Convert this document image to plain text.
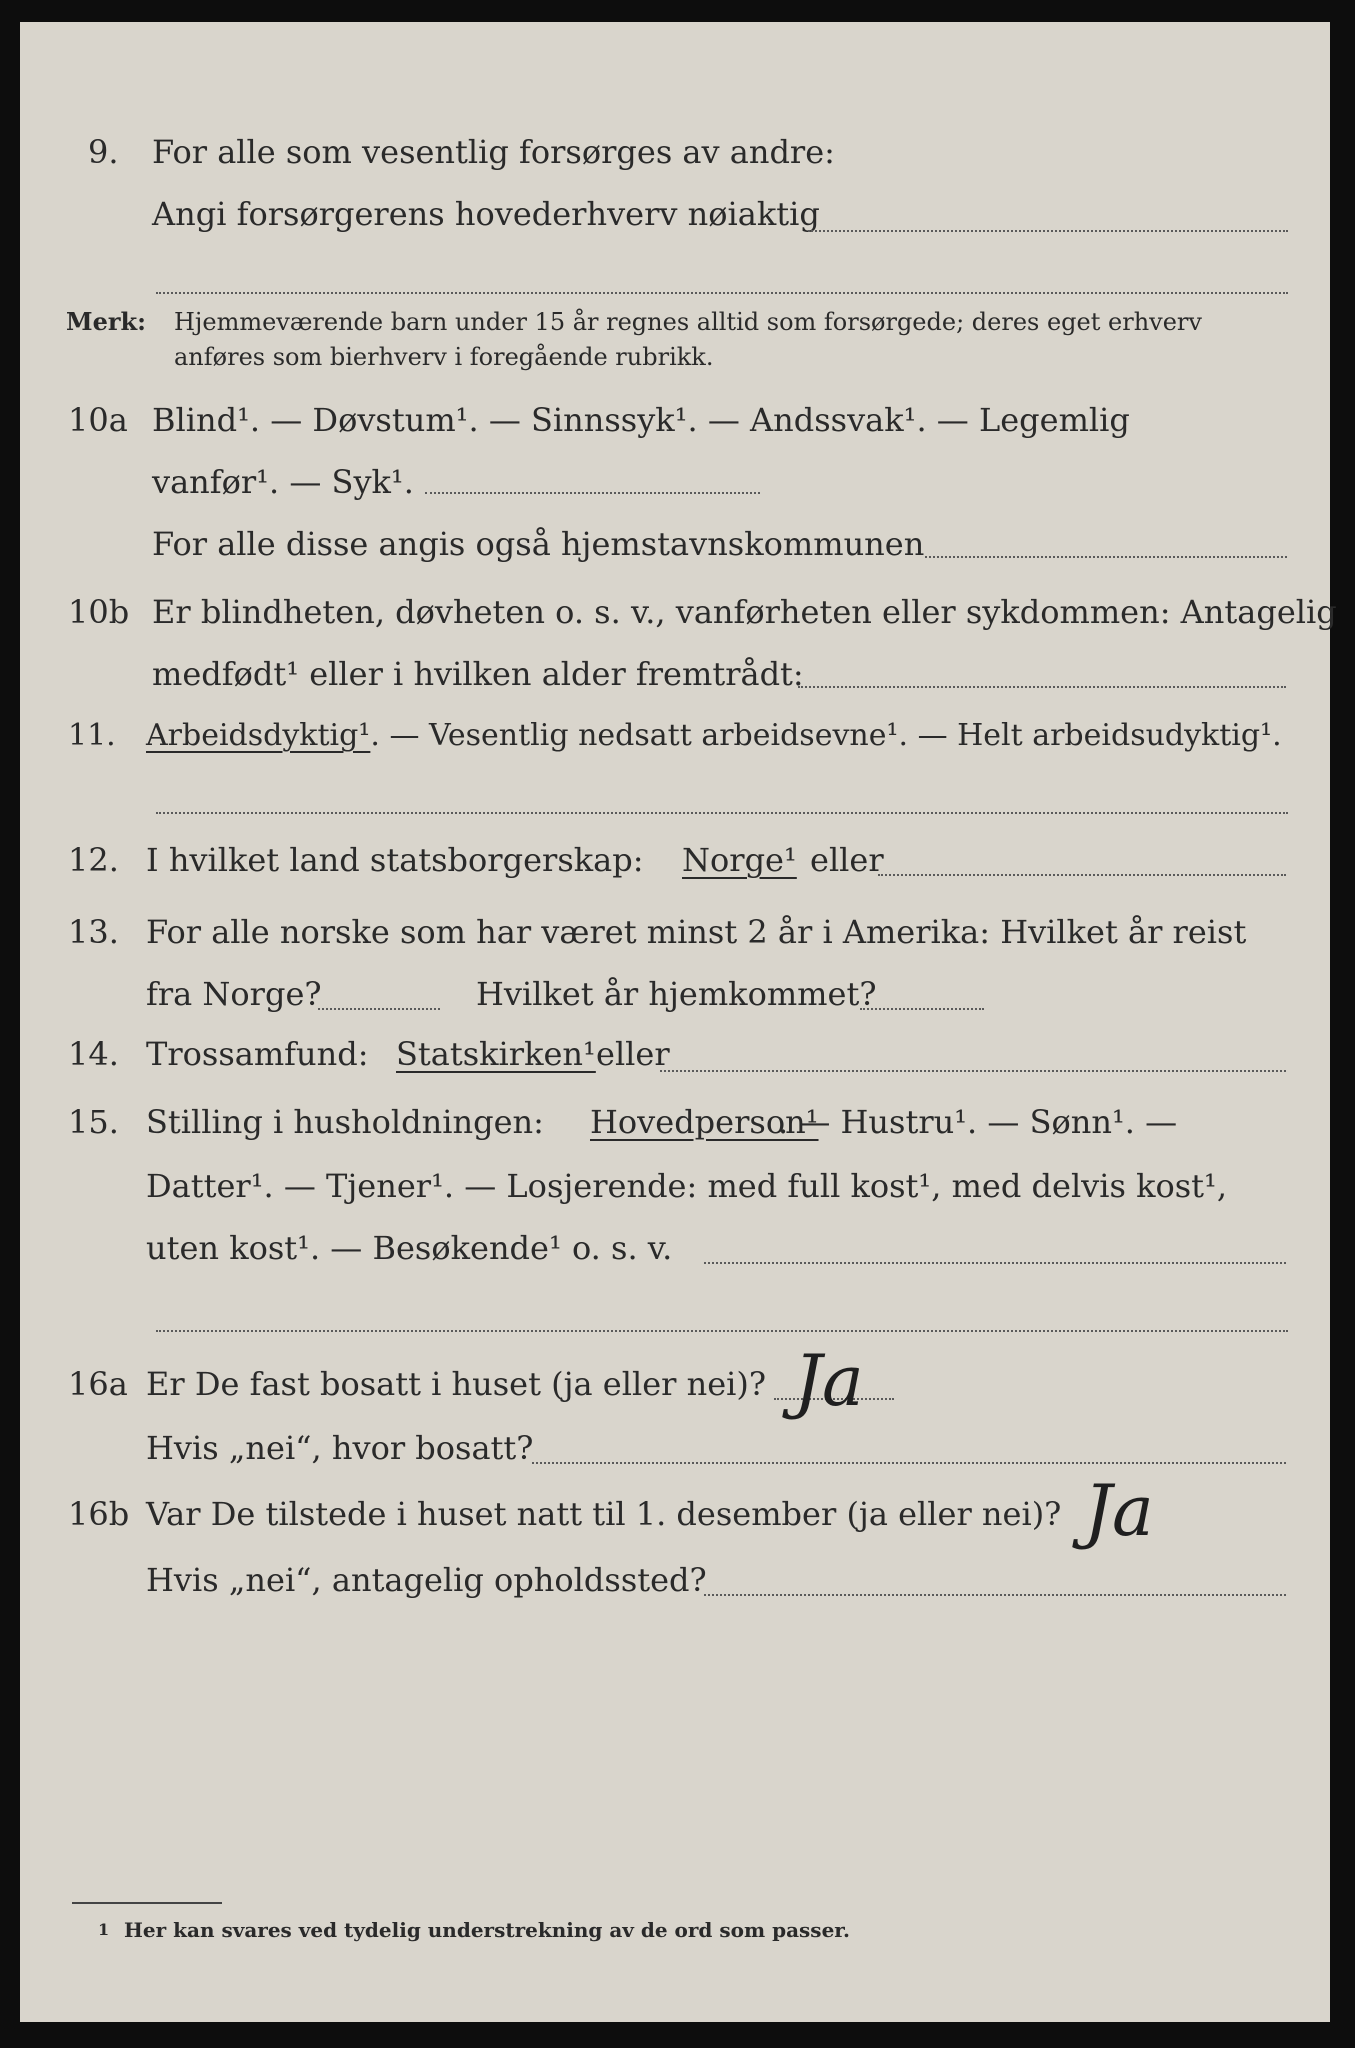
9. For alle som vesentlig forsørges av andre:
Angi forsørgerens hovederhverv nøiaktig
Merk: Hjemmeværende barn under 15 år regnes alltid som forsørgede; deres eget erhverv
anføres som bierhverv i foregående rubrikk.
10a Blind¹. — Døvstum¹. — Sinnssyk¹. — Andssvak¹. — Legemlig
vanfør¹. — Syk¹.
For alle disse angis også hjemstavnskommunen
10b Er blindheten, døvheten o. s. v., vanførheten eller sykdommen: Antagelig
medfødt¹ eller i hvilken alder fremtrådt:
11. Arbeidsdyktig¹. — Vesentlig nedsatt arbeidsevne¹. — Helt arbeidsudyktig¹.
12. I hvilket land statsborgerskap: Norge¹ eller
13. For alle norske som har været minst 2 år i Amerika: Hvilket år reist
fra Norge?	Hvilket år hjemkommet?
14. Trossamfund: Statskirken¹ eller
15. Stilling i husholdningen: Hovedperson¹
. — Hustru¹. — Sønn¹. —
Datter¹. — Tjener¹. — Losjerende: med full kost¹, med delvis kost¹,
uten kost¹. — Besøkende¹ o. s. v.
16a Er De fast bosatt i huset (ja eller nei)? Ja
Hvis „nei“, hvor bosatt?
16b Var De tilstede i huset natt til 1. desember (ja eller nei)? Ja
Hvis „nei“, antagelig opholdssted?
1 Her kan svares ved tydelig understrekning av de ord som passer.
